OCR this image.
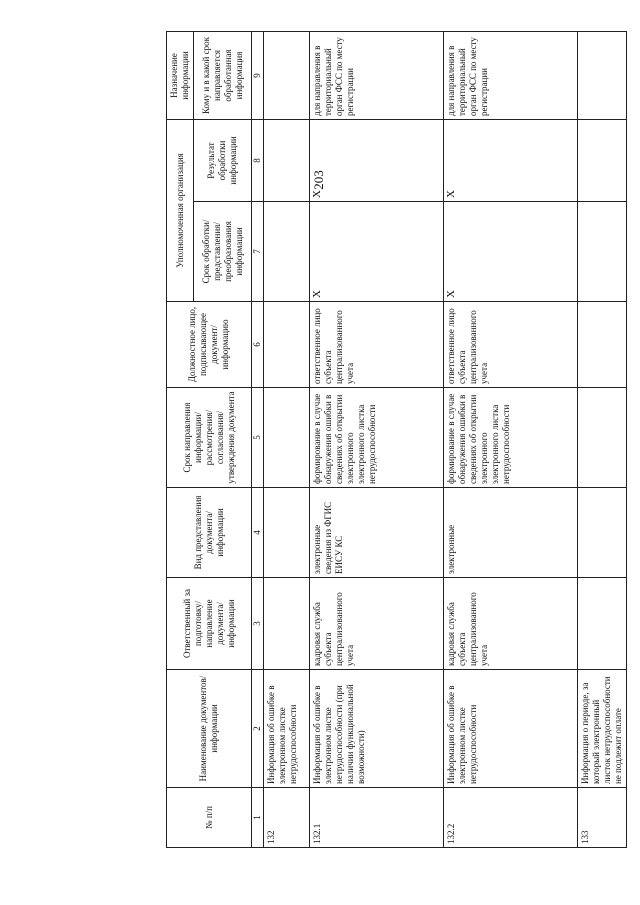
203
№ п/п	Наименование документов/ информации	Ответственный за подготовку/ направление документа/ информации	Вид представления документа/ информации	Срок направления информации/ рассмотрения/ согласования/ утверждения документа	Должностное лицо, подписывающее документ/ информацию	Уполномоченная организация		Назначение информации
						Срок обработки/ представления/ преобразования информации	Результат обработки информации	Кому и в какой срок направляется обработанная информация
1	2	3	4	5	6	7	8	9
132	Информация об ошибке в электронном листке нетрудоспособности							
132.1	Информация об ошибке в электронном листке нетрудоспособности (при наличии функциональной возможности)	кадровая служба субъекта централизованного учета	электронные сведения из ФГИС ЕИСУ КС	формирование в случае обнаружения ошибки в сведениях об открытии электронного электронного листка нетрудоспособности	ответственное лицо субъекта централизованного учета	Х	Х	для направления в территориальный орган ФСС по месту регистрации
132.2	Информация об ошибке в электронном листке нетрудоспособности	кадровая служба субъекта централизованного учета	электронные	формирование в случае обнаружения ошибки в сведениях об открытии электронного электронного листка нетрудоспособности	ответственное лицо субъекта централизованного учета	Х	Х	для направления в территориальный орган ФСС по месту регистрации
133	Информация о периоде, за который электронный листок нетрудоспособности не подлежит оплате							
